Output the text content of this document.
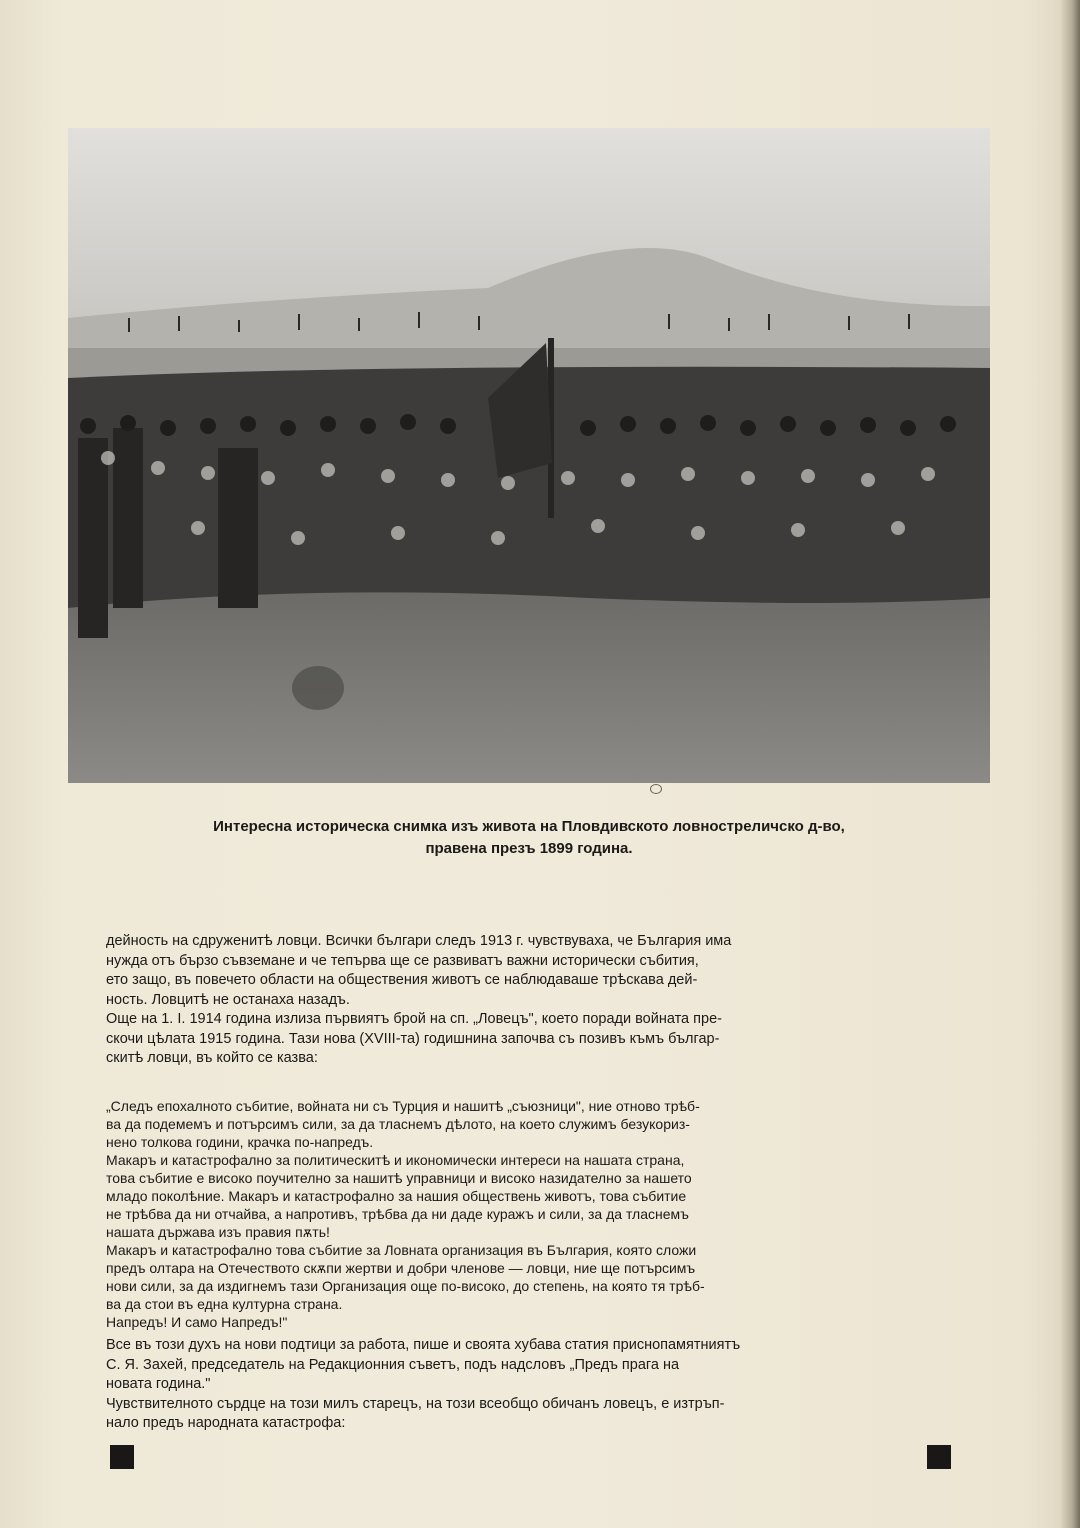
Интересна историческа снимка изъ живота на Пловдивското ловностреличско д-во,
правена презъ 1899 година.
дейность на сдруженитѣ ловци. Всички българи следъ 1913 г. чувствуваха, че България има
нужда отъ бързо съвземане и че тепърва ще се развиватъ важни исторически събития,
ето защо, въ повечето области на обществения животъ се наблюдаваше трѣскава дей-
ность. Ловцитѣ не останаха назадъ.
Още на 1. I. 1914 година излиза първиятъ брой на сп. „Ловецъ", което поради войната пре-
скочи цѣлата 1915 година. Тази нова (XVIII-та) годишнина започва съ позивъ къмъ българ-
скитѣ ловци, въ който се казва:
„Следъ епохалното събитие, войната ни съ Турция и нашитѣ „съюзници", ние отново трѣб-
ва да подемемъ и потърсимъ сили, за да тласнемъ дѣлото, на което служимъ безукориз-
нено толкова години, крачка по-напредъ.
Макаръ и катастрофално за политическитѣ и икономически интереси на нашата страна,
това събитие е високо поучително за нашитѣ управници и високо назидателно за нашето
младо поколѣние. Макаръ и катастрофално за нашия обществень животъ, това събитие
не трѣбва да ни отчайва, а напротивъ, трѣбва да ни даде куражъ и сили, за да тласнемъ
нашата държава изъ правия пѫть!
Макаръ и катастрофално това събитие за Ловната организация въ България, която сложи
предъ олтара на Отечеството скѫпи жертви и добри членове — ловци, ние ще потърсимъ
нови сили, за да издигнемъ тази Организация още по-високо, до степень, на която тя трѣб-
ва да стои въ една културна страна.
Напредъ! И само Напредъ!"
Все въ този духъ на нови подтици за работа, пише и своята хубава статия приснопамятниятъ
С. Я. Захей, председатель на Редакционния съветъ, подъ надсловъ „Предъ прага на
новата година."
Чувствителното сърдце на този милъ старецъ, на този всеобщо обичанъ ловецъ, е изтръп-
нало предъ народната катастрофа:
